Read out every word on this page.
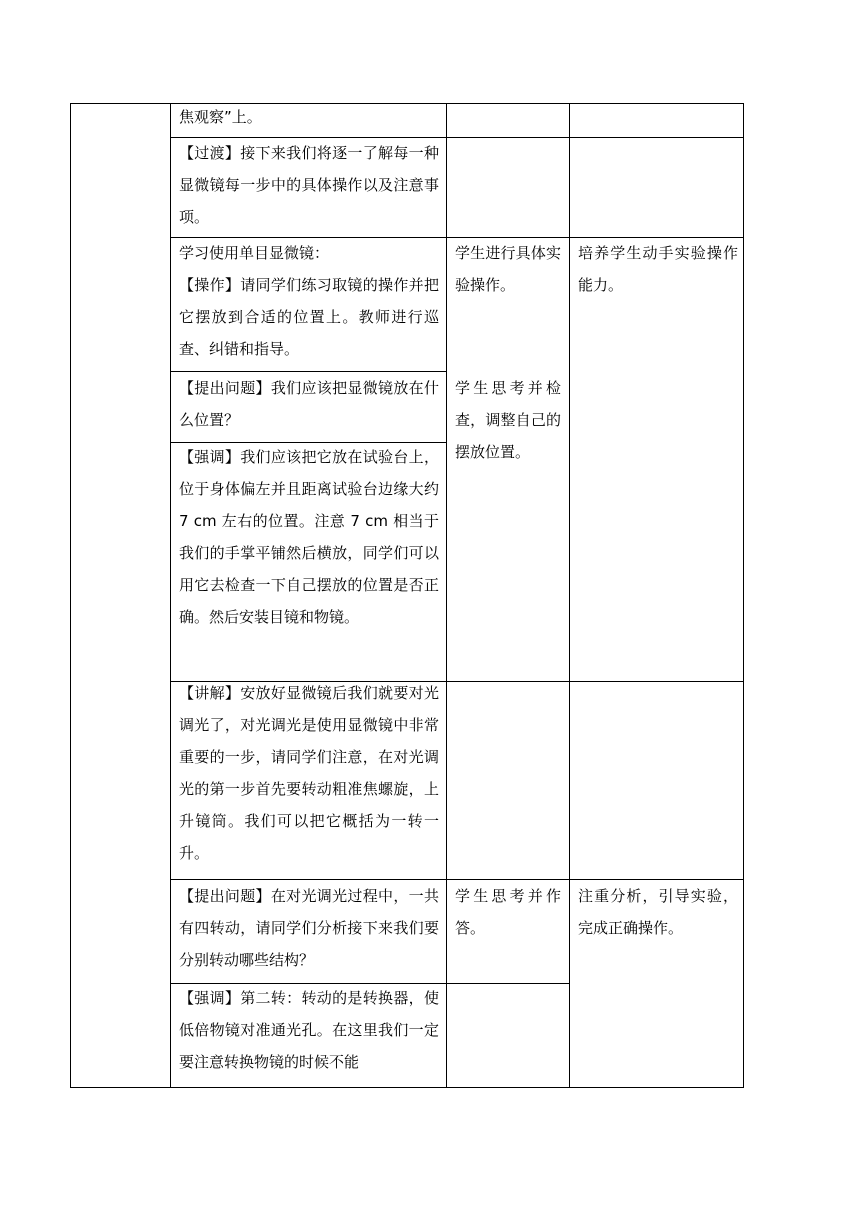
焦观察”上。
【过渡】接下来我们将逐一了解每一种显微镜每一步中的具体操作以及注意事项。
学习使用单目显微镜：
【操作】请同学们练习取镜的操作并把它摆放到合适的位置上。教师进行巡查、纠错和指导。
学生进行具体实验操作。
培养学生动手实验操作能力。
【提出问题】我们应该把显微镜放在什么位置？
学生思考并检查，调整自己的摆放位置。
【强调】我们应该把它放在试验台上，位于身体偏左并且距离试验台边缘大约 7 cm 左右的位置。注意 7 cm 相当于我们的手掌平铺然后横放，同学们可以用它去检查一下自己摆放的位置是否正确。然后安装目镜和物镜。
【讲解】安放好显微镜后我们就要对光调光了，对光调光是使用显微镜中非常重要的一步，请同学们注意，在对光调光的第一步首先要转动粗准焦螺旋，上升镜筒。我们可以把它概括为一转一升。
【提出问题】在对光调光过程中，一共有四转动，请同学们分析接下来我们要分别转动哪些结构？
学生思考并作答。
注重分析，引导实验，完成正确操作。
【强调】第二转：转动的是转换器，使低倍物镜对准通光孔。在这里我们一定要注意转换物镜的时候不能
